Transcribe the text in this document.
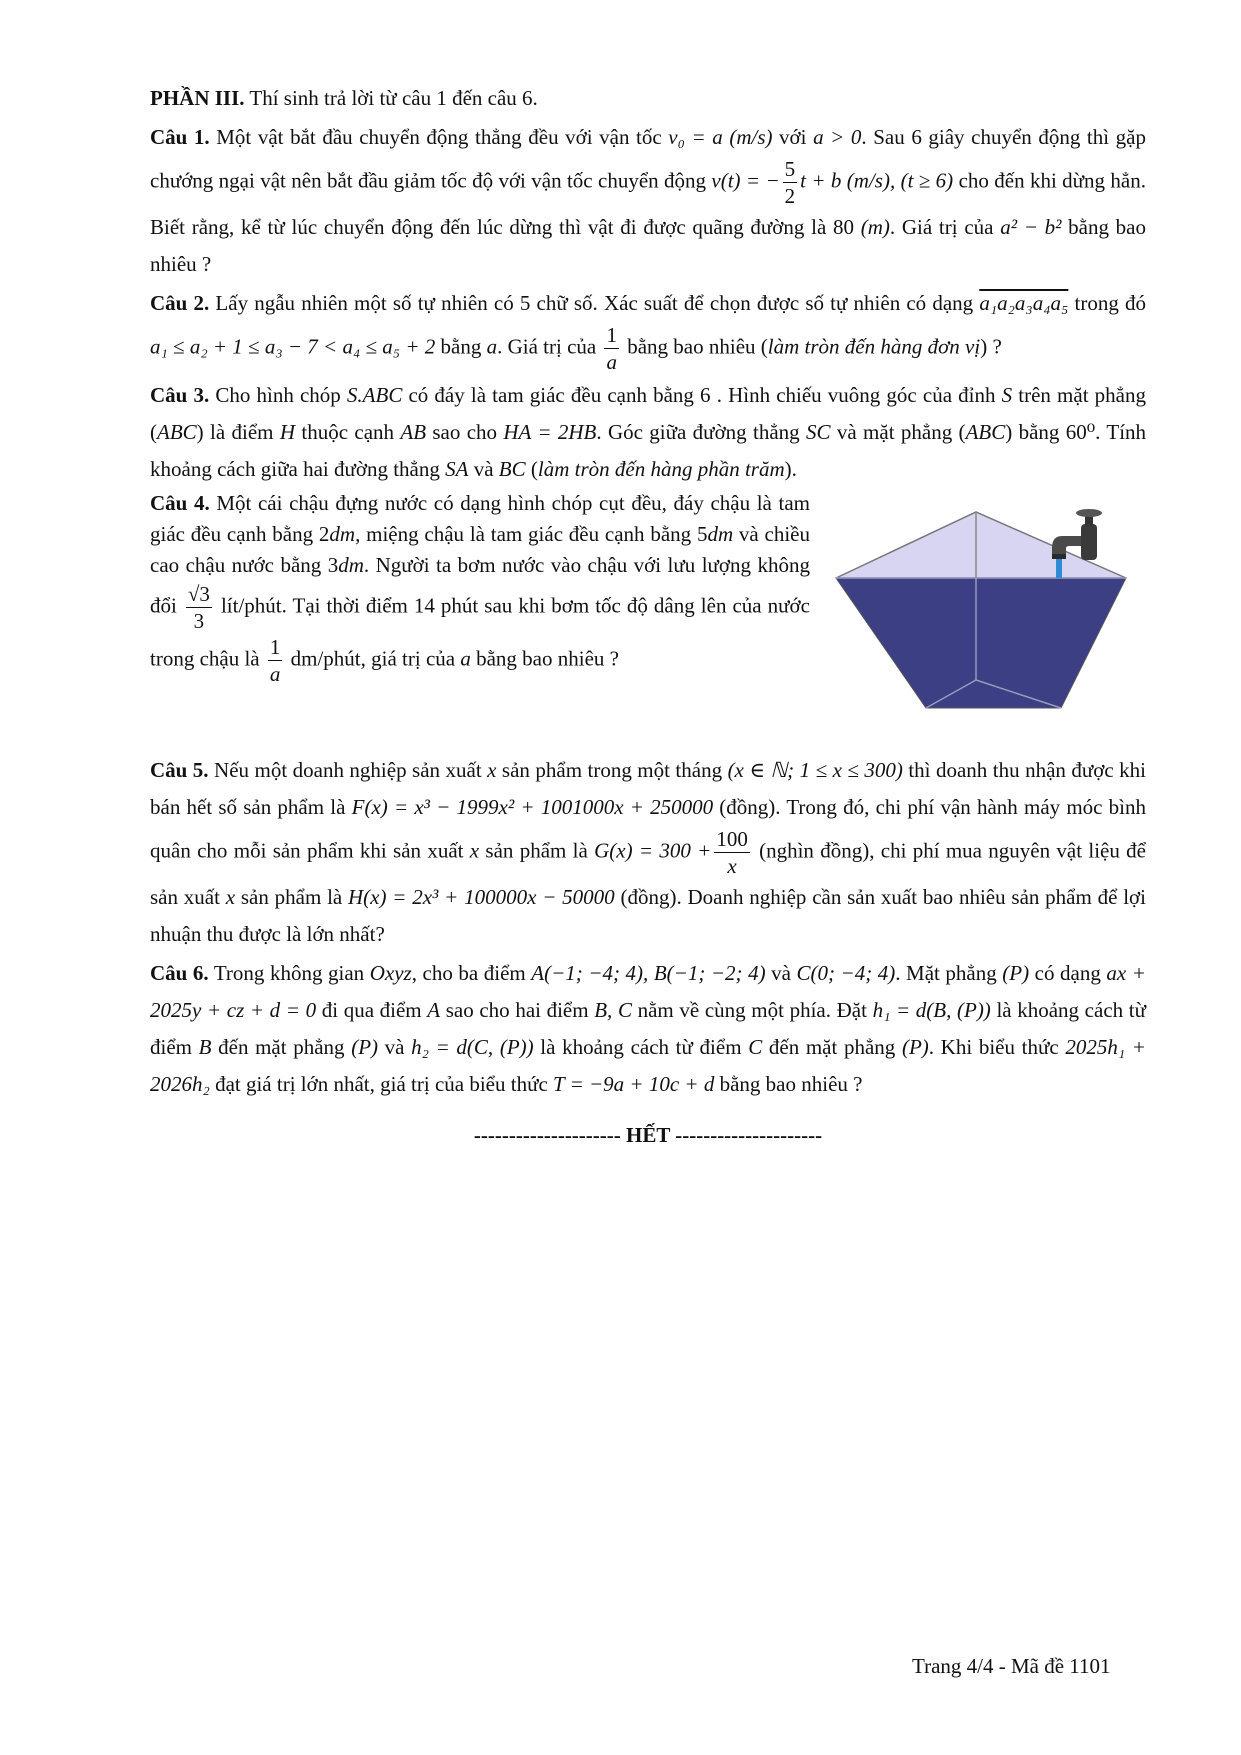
PHẦN III. Thí sinh trả lời từ câu 1 đến câu 6.

Câu 1. Một vật bắt đầu chuyển động thẳng đều với vận tốc v₀ = a (m/s) với a > 0. Sau 6 giây chuyển động thì gặp chướng ngại vật nên bắt đầu giảm tốc độ với vận tốc chuyển động v(t) = − $\frac{5}{2}$ t + b (m/s), (t ≥ 6) cho đến khi dừng hẳn. Biết rằng, kể từ lúc chuyển động đến lúc dừng thì vật đi được quãng đường là 80 (m). Giá trị của a² − b² bằng bao nhiêu ?

Câu 2. Lấy ngẫu nhiên một số tự nhiên có 5 chữ số. Xác suất để chọn được số tự nhiên có dạng a₁a₂a₃a₄a₅ trong đó a₁ ≤ a₂ + 1 ≤ a₃ − 7 < a₄ ≤ a₅ + 2 bằng a. Giá trị của $\frac{1}{a}$ bằng bao nhiêu (làm tròn đến hàng đơn vị) ?

Câu 3. Cho hình chóp S.ABC có đáy là tam giác đều cạnh bằng 6 . Hình chiếu vuông góc của đỉnh S trên mặt phẳng (ABC) là điểm H thuộc cạnh AB sao cho HA = 2HB. Góc giữa đường thẳng SC và mặt phẳng (ABC) bằng 60⁰. Tính khoảng cách giữa hai đường thẳng SA và BC (làm tròn đến hàng phần trăm).

Câu 4. Một cái chậu đựng nước có dạng hình chóp cụt đều, đáy chậu là tam giác đều cạnh bằng 2dm, miệng chậu là tam giác đều cạnh bằng 5dm và chiều cao chậu nước bằng 3dm. Người ta bơm nước vào chậu với lưu lượng không đổi $\frac{√3}{3}$ lít/phút. Tại thời điểm 14 phút sau khi bơm tốc độ dâng lên của nước trong chậu là $\frac{1}{a}$ dm/phút, giá trị của a bằng bao nhiêu ?

Câu 5. Nếu một doanh nghiệp sản xuất x sản phẩm trong một tháng (x ∈ ℕ; 1 ≤ x ≤ 300) thì doanh thu nhận được khi bán hết số sản phẩm là F(x) = x³ − 1999x² + 1001000x + 250000 (đồng). Trong đó, chi phí vận hành máy móc bình quân cho mỗi sản phẩm khi sản xuất x sản phẩm là $G(x) = 300 + \frac{100}{x}$ (nghìn đồng), chi phí mua nguyên vật liệu để sản xuất x sản phẩm là H(x) = 2x³ + 100000x − 50000 (đồng). Doanh nghiệp cần sản xuất bao nhiêu sản phẩm để lợi nhuận thu được là lớn nhất?

Câu 6. Trong không gian Oxyz, cho ba điểm A(−1; −4; 4), B(−1; −2; 4) và C(0; −4; 4). Mặt phẳng (P) có dạng ax + 2025y + cz + d = 0 đi qua điểm A sao cho hai điểm B, C nằm về cùng một phía. Đặt h₁ = d(B, (P)) là khoảng cách từ điểm B đến mặt phẳng (P) và h₂ = d(C, (P)) là khoảng cách từ điểm C đến mặt phẳng (P). Khi biểu thức 2025h₁ + 2026h₂ đạt giá trị lớn nhất, giá trị của biểu thức T = −9a + 10c + d bằng bao nhiêu ?

--------------------- HẾT ---------------------

Trang 4/4 - Mã đề 1101
